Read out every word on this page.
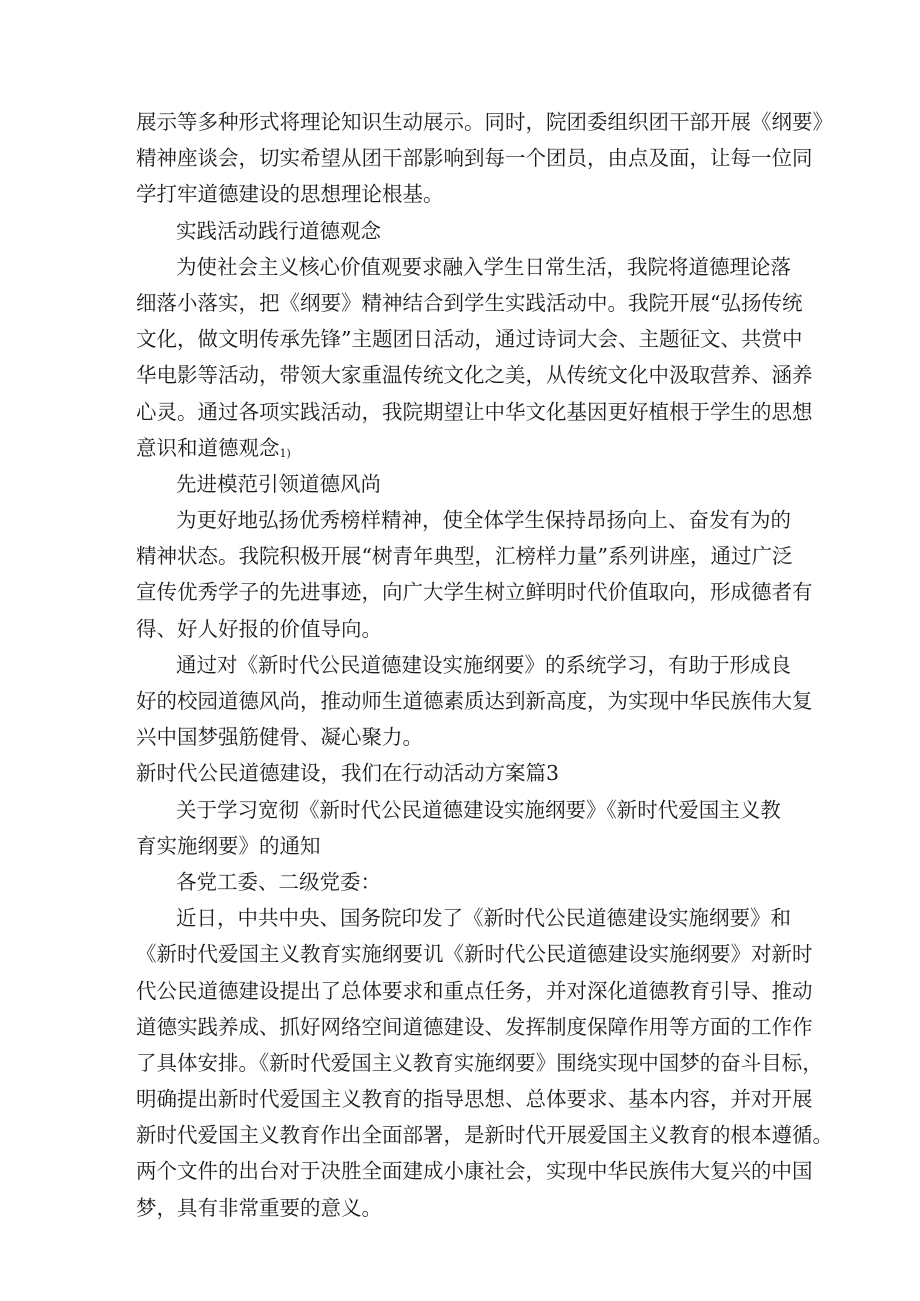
展示等多种形式将理论知识生动展示。同时，院团委组织团干部开展《纲要》
精神座谈会，切实希望从团干部影响到每一个团员，由点及面，让每一位同
学打牢道德建设的思想理论根基。
实践活动践行道德观念
为使社会主义核心价值观要求融入学生日常生活，我院将道德理论落
细落小落实，把《纲要》精神结合到学生实践活动中。我院开展“弘扬传统
文化，做文明传承先锋”主题团日活动，通过诗词大会、主题征文、共赏中
华电影等活动，带领大家重温传统文化之美，从传统文化中汲取营养、涵养
心灵。通过各项实践活动，我院期望让中华文化基因更好植根于学生的思想
意识和道德观念1)
先进模范引领道德风尚
为更好地弘扬优秀榜样精神，使全体学生保持昂扬向上、奋发有为的
精神状态。我院积极开展“树青年典型，汇榜样力量”系列讲座，通过广泛
宣传优秀学子的先进事迹，向广大学生树立鲜明时代价值取向，形成德者有
得、好人好报的价值导向。
通过对《新时代公民道德建设实施纲要》的系统学习，有助于形成良
好的校园道德风尚，推动师生道德素质达到新高度，为实现中华民族伟大复
兴中国梦强筋健骨、凝心聚力。
新时代公民道德建设，我们在行动活动方案篇3
关于学习宽彻《新时代公民道德建设实施纲要》《新时代爱国主义教
育实施纲要》的通知
各党工委、二级党委：
近日，中共中央、国务院印发了《新时代公民道德建设实施纲要》和
《新时代爱国主义教育实施纲要讥《新时代公民道德建设实施纲要》对新时
代公民道德建设提出了总体要求和重点任务，并对深化道德教育引导、推动
道德实践养成、抓好网络空间道德建设、发挥制度保障作用等方面的工作作
了具体安排。《新时代爱国主义教育实施纲要》围绕实现中国梦的奋斗目标，
明确提出新时代爱国主义教育的指导思想、总体要求、基本内容，并对开展
新时代爱国主义教育作出全面部署，是新时代开展爱国主义教育的根本遵循。
两个文件的出台对于决胜全面建成小康社会，实现中华民族伟大复兴的中国
梦，具有非常重要的意义。
